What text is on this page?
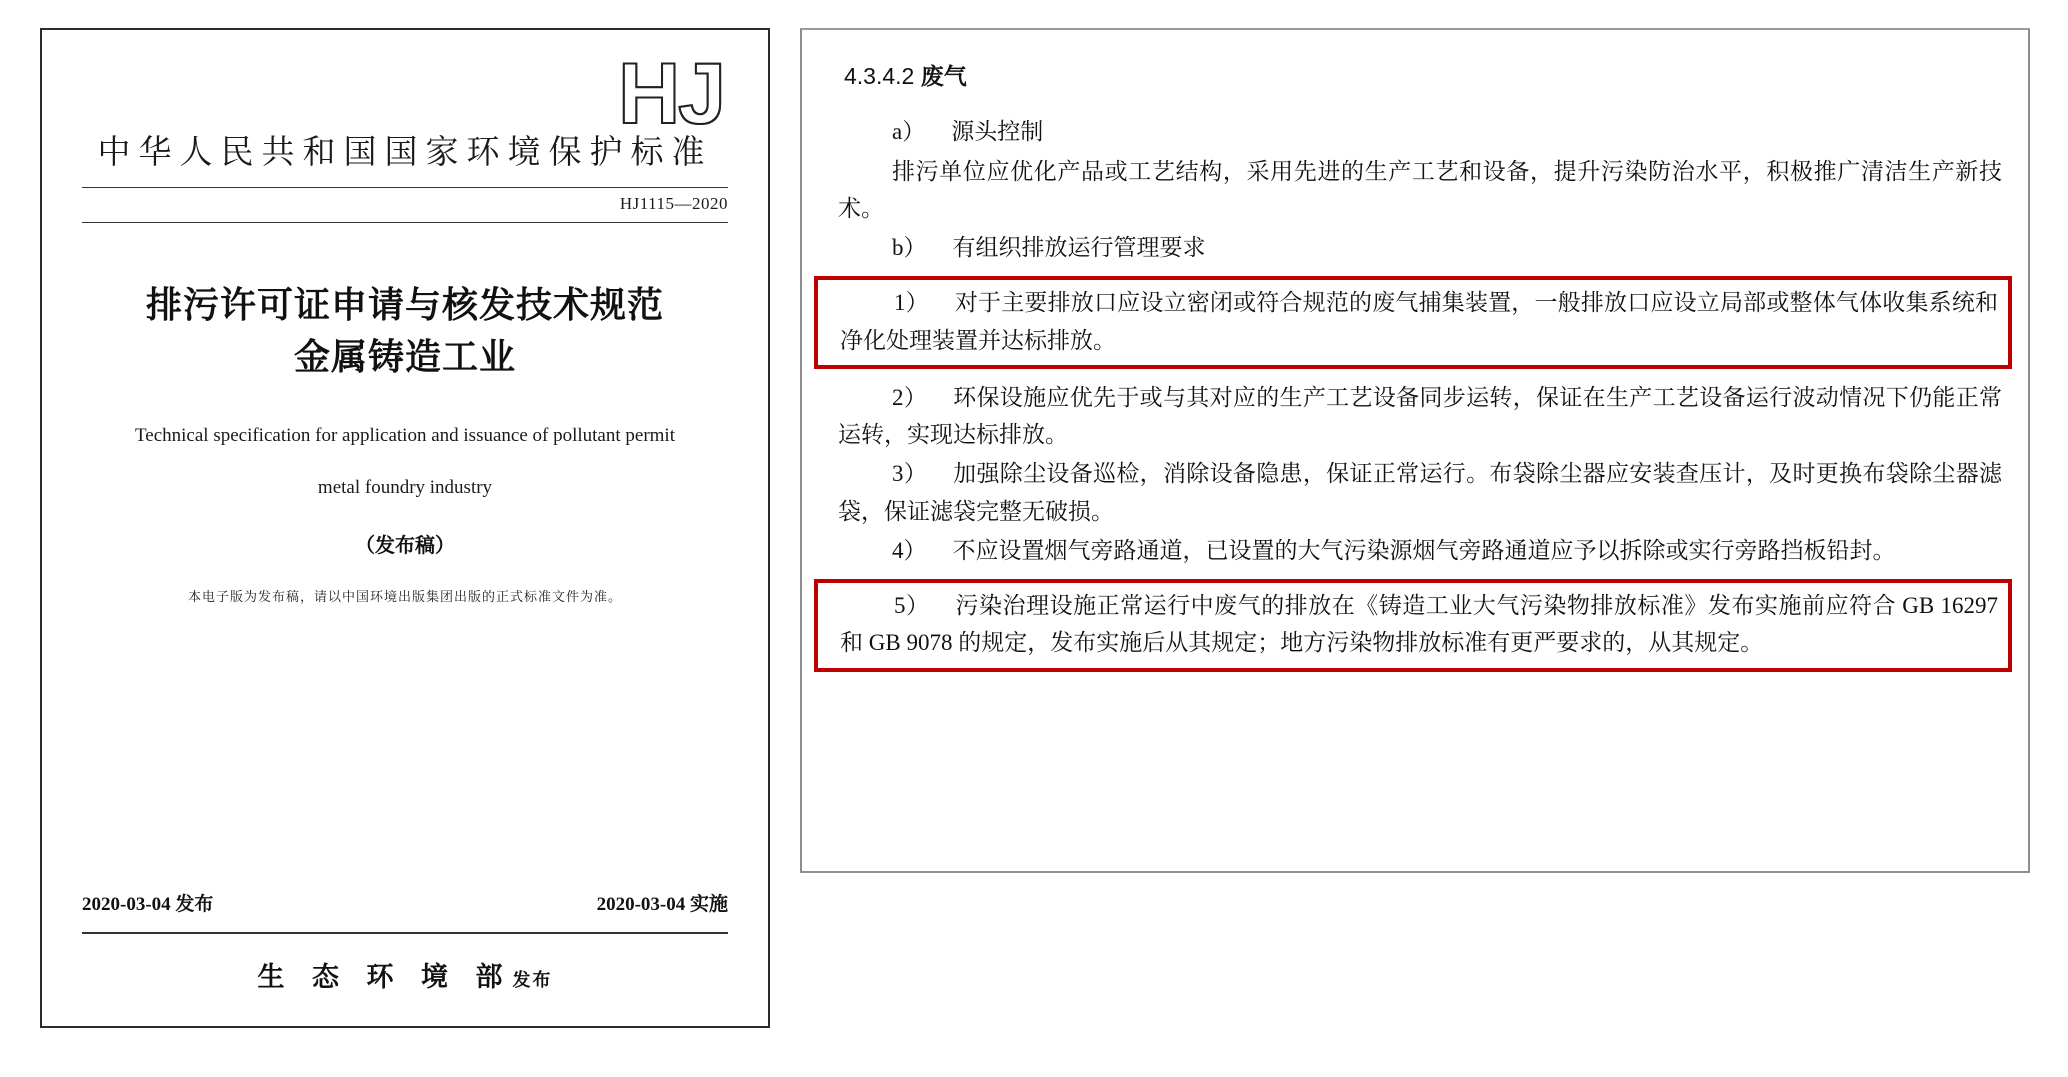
HJ
中华人民共和国国家环境保护标准
HJ1115—2020
排污许可证申请与核发技术规范
金属铸造工业
Technical specification for application and issuance of pollutant permit
metal foundry industry
（发布稿）
本电子版为发布稿，请以中国环境出版集团出版的正式标准文件为准。
2020-03-04 发布	2020-03-04 实施
生 态 环 境 部发布
4.3.4.2 废气

a） 源头控制

排污单位应优化产品或工艺结构，采用先进的生产工艺和设备，提升污染防治水平，积极推广清洁生产新技术。

b） 有组织排放运行管理要求

1） 对于主要排放口应设立密闭或符合规范的废气捕集装置，一般排放口应设立局部或整体气体收集系统和净化处理装置并达标排放。

2） 环保设施应优先于或与其对应的生产工艺设备同步运转，保证在生产工艺设备运行波动情况下仍能正常运转，实现达标排放。

3） 加强除尘设备巡检，消除设备隐患，保证正常运行。布袋除尘器应安装查压计，及时更换布袋除尘器滤袋，保证滤袋完整无破损。

4） 不应设置烟气旁路通道，已设置的大气污染源烟气旁路通道应予以拆除或实行旁路挡板铅封。

5） 污染治理设施正常运行中废气的排放在《铸造工业大气污染物排放标准》发布实施前应符合 GB 16297 和 GB 9078 的规定，发布实施后从其规定；地方污染物排放标准有更严要求的，从其规定。
